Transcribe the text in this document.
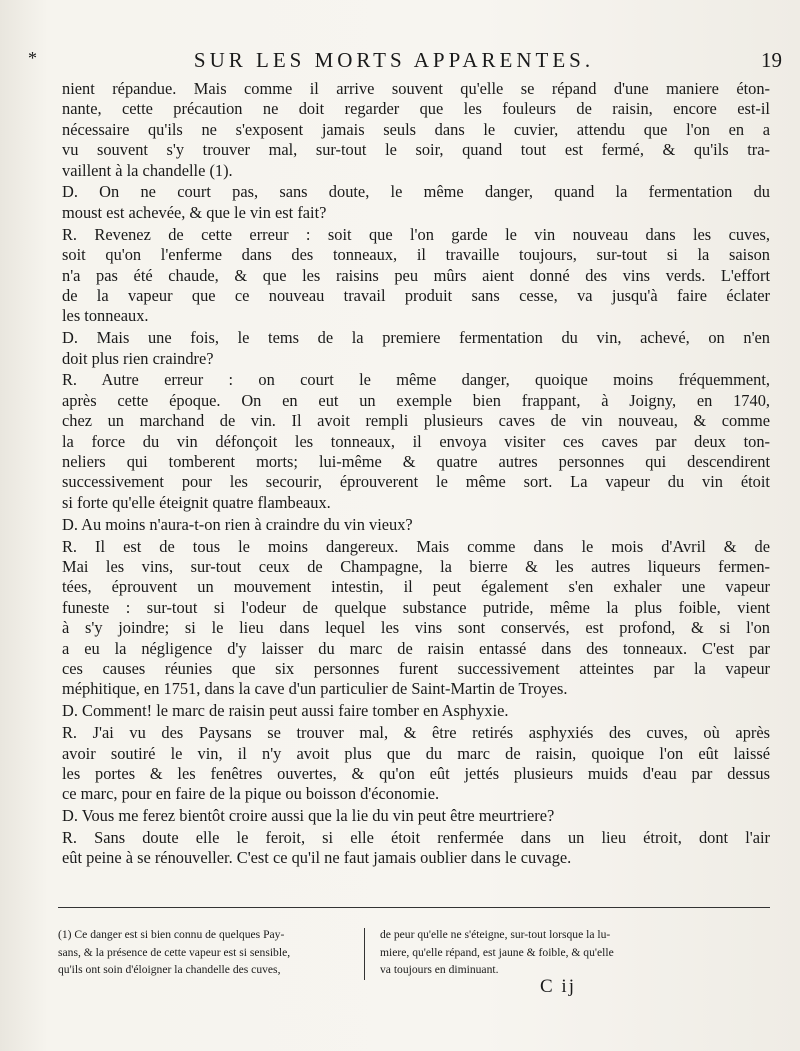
*	SUR LES MORTS APPARENTES.	19

nient répandue. Mais comme il arrive souvent qu'elle se répand d'une maniere éton-
nante, cette précaution ne doit regarder que les fouleurs de raisin, encore est-il
nécessaire qu'ils ne s'exposent jamais seuls dans le cuvier, attendu que l'on en a
vu souvent s'y trouver mal, sur-tout le soir, quand tout est fermé, & qu'ils tra-
vaillent à la chandelle (1).

D. On ne court pas, sans doute, le même danger, quand la fermentation du
moust est achevée, & que le vin est fait?

R. Revenez de cette erreur : soit que l'on garde le vin nouveau dans les cuves,
soit qu'on l'enferme dans des tonneaux, il travaille toujours, sur-tout si la saison
n'a pas été chaude, & que les raisins peu mûrs aient donné des vins verds. L'effort
de la vapeur que ce nouveau travail produit sans cesse, va jusqu'à faire éclater
les tonneaux.

D. Mais une fois, le tems de la premiere fermentation du vin, achevé, on n'en
doit plus rien craindre?

R. Autre erreur : on court le même danger, quoique moins fréquemment,
après cette époque. On en eut un exemple bien frappant, à Joigny, en 1740,
chez un marchand de vin. Il avoit rempli plusieurs caves de vin nouveau, & comme
la force du vin défonçoit les tonneaux, il envoya visiter ces caves par deux ton-
neliers qui tomberent morts; lui-même & quatre autres personnes qui descendirent
successivement pour les secourir, éprouverent le même sort. La vapeur du vin étoit
si forte qu'elle éteignit quatre flambeaux.

D. Au moins n'aura-t-on rien à craindre du vin vieux?

R. Il est de tous le moins dangereux. Mais comme dans le mois d'Avril & de
Mai les vins, sur-tout ceux de Champagne, la bierre & les autres liqueurs fermen-
tées, éprouvent un mouvement intestin, il peut également s'en exhaler une vapeur
funeste : sur-tout si l'odeur de quelque substance putride, même la plus foible, vient
à s'y joindre; si le lieu dans lequel les vins sont conservés, est profond, & si l'on
a eu la négligence d'y laisser du marc de raisin entassé dans des tonneaux. C'est par
ces causes réunies que six personnes furent successivement atteintes par la vapeur
méphitique, en 1751, dans la cave d'un particulier de Saint-Martin de Troyes.

D. Comment! le marc de raisin peut aussi faire tomber en Asphyxie.

R. J'ai vu des Paysans se trouver mal, & être retirés asphyxiés des cuves, où après
avoir soutiré le vin, il n'y avoit plus que du marc de raisin, quoique l'on eût laissé
les portes & les fenêtres ouvertes, & qu'on eût jettés plusieurs muids d'eau par dessus
ce marc, pour en faire de la pique ou boisson d'économie.

D. Vous me ferez bientôt croire aussi que la lie du vin peut être meurtriere?

R. Sans doute elle le feroit, si elle étoit renfermée dans un lieu étroit, dont l'air
eût peine à se rénouveller. C'est ce qu'il ne faut jamais oublier dans le cuvage.

(1) Ce danger est si bien connu de quelques Pay-
sans, & la présence de cette vapeur est si sensible,
qu'ils ont soin d'éloigner la chandelle des cuves,
de peur qu'elle ne s'éteigne, sur-tout lorsque la lu-
miere, qu'elle répand, est jaune & foible, & qu'elle
va toujours en diminuant.
C ij
